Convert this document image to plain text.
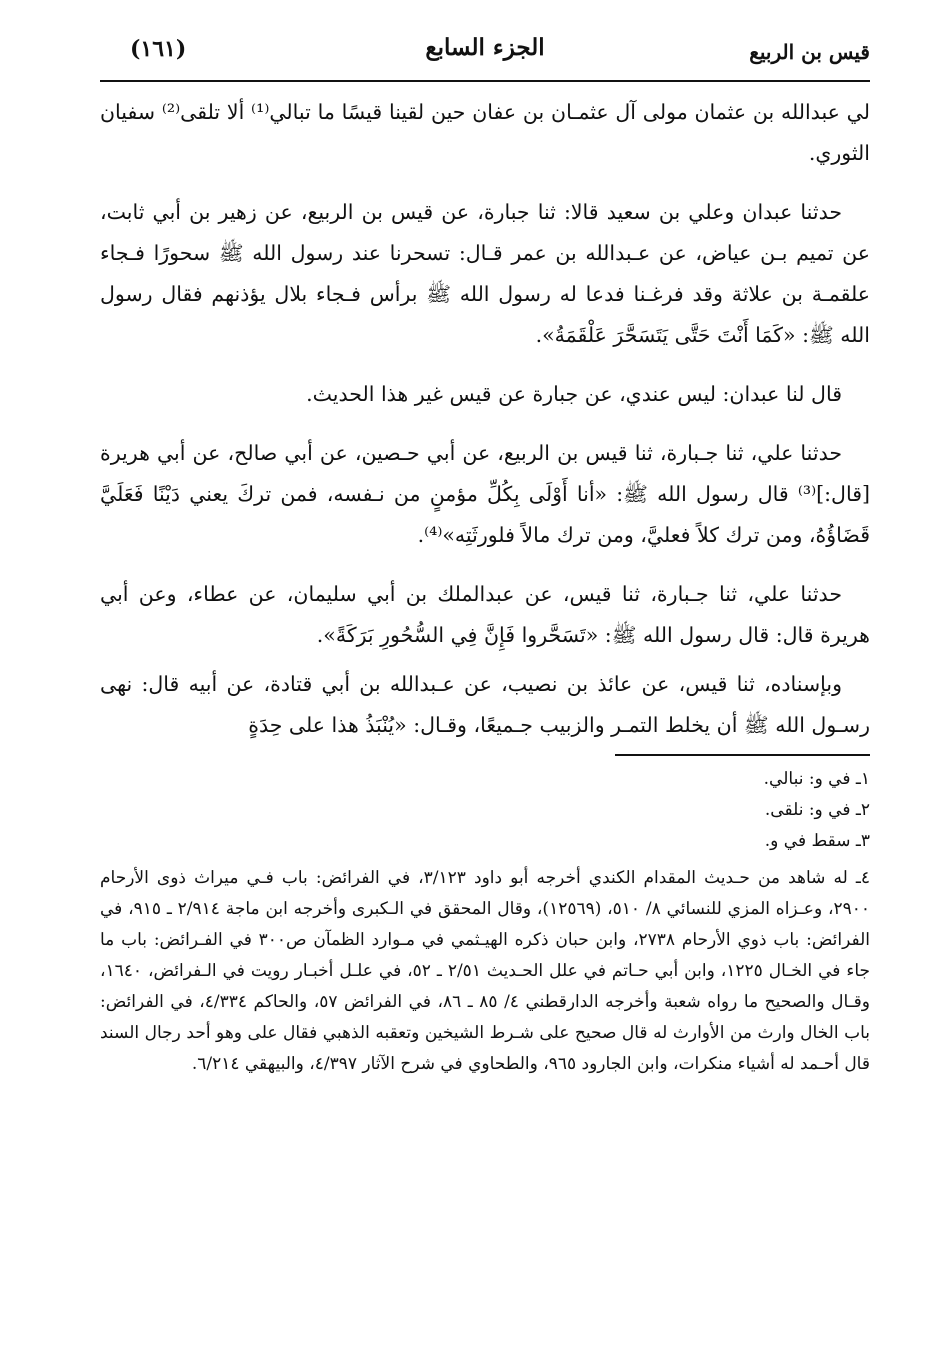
قيس بن الربيع
الجزء السابع
(١٦١)

لي عبدالله بن عثمان مولى آل عثمـان بن عفان حين لقينا قيسًا ما تبالي⁽¹⁾ ألا تلقى⁽²⁾ سفيان الثوري.

حدثنا عبدان وعلي بن سعيد قالا: ثنا جبارة، عن قيس بن الربيع، عن زهير بن أبي ثابت، عن تميم بـن عياض، عن عـبدالله بن عمر قـال: تسحرنا عند رسول الله ﷺ سحورًا فـجاء علقمـة بن علاثة وقد فرغـنا فدعا له رسول الله ﷺ برأس فـجاء بلال يؤذنهم فقال رسول الله ﷺ: «كَمَا أَنْتَ حَتَّى يَتَسَحَّرَ عَلْقَمَةُ».

قال لنا عبدان: ليس عندي، عن جبارة عن قيس غير هذا الحديث.

حدثنا علي، ثنا جـبارة، ثنا قيس بن الربيع، عن أبي حـصين، عن أبي صالح، عن أبي هريرة [قال:]⁽³⁾ قال رسول الله ﷺ: «أنا أَوْلَى بِكُلِّ مؤمنٍ من نـفسه، فمن تركَ يعني دَيْنًا فَعَلَيَّ قَضَاؤُهُ، ومن ترك كلاً فعليَّ، ومن ترك مالاً فلورثَتِه»⁽⁴⁾.

حدثنا علي، ثنا جـبارة، ثنا قيس، عن عبدالملك بن أبي سليمان، عن عطاء، وعن أبي هريرة قال: قال رسول الله ﷺ: «تَسَحَّروا فَإِنَّ فِي السُّحُورِ بَرَكَةً».

وبإسناده، ثنا قيس، عن عائذ بن نصيب، عن عـبدالله بن أبي قتادة، عن أبيه قال: نهى رسـول الله ﷺ أن يخلط التمـر والزبيب جـميعًا، وقـال: «يُنْبَذُ هذا على حِدَةٍ

١ـ في و: نبالي.
٢ـ في و: نلقى.
٣ـ سقط في و.
٤ـ له شاهد من حـديث المقدام الكندي أخرجه أبو داود ٣/١٢٣، في الفرائض: باب فـي ميراث ذوى الأرحام ٢٩٠٠، وعـزاه المزي للنسائي ٨/ ٥١٠، (١٢٥٦٩)، وقال المحقق في الـكبرى وأخرجه ابن ماجة ٢/٩١٤ ـ ٩١٥، في الفرائض: باب ذوي الأرحام ٢٧٣٨، وابن حبان ذكره الهيـثمي في مـوارد الظمآن ص٣٠٠ في الفـرائض: باب ما جاء في الخـال ١٢٢٥، وابن أبي حـاتم في علل الحـديث ٢/٥١ ـ ٥٢، في علـل أخبـار رويت في الـفرائض، ١٦٤٠، وقـال والصحيح ما رواه شعبة وأخرجه الدارقطني ٤/ ٨٥ ـ ٨٦، في الفرائض ٥٧، والحاكم ٤/٣٣٤، في الفرائض: باب الخال وارث من الأوارث له قال صحيح على شـرط الشيخين وتعقبه الذهبي فقال على وهو أحد رجال السند قال أحـمد له أشياء منكرات، وابن الجارود ٩٦٥، والطحاوي في شرح الآثار ٤/٣٩٧، والبيهقي ٦/٢١٤.
